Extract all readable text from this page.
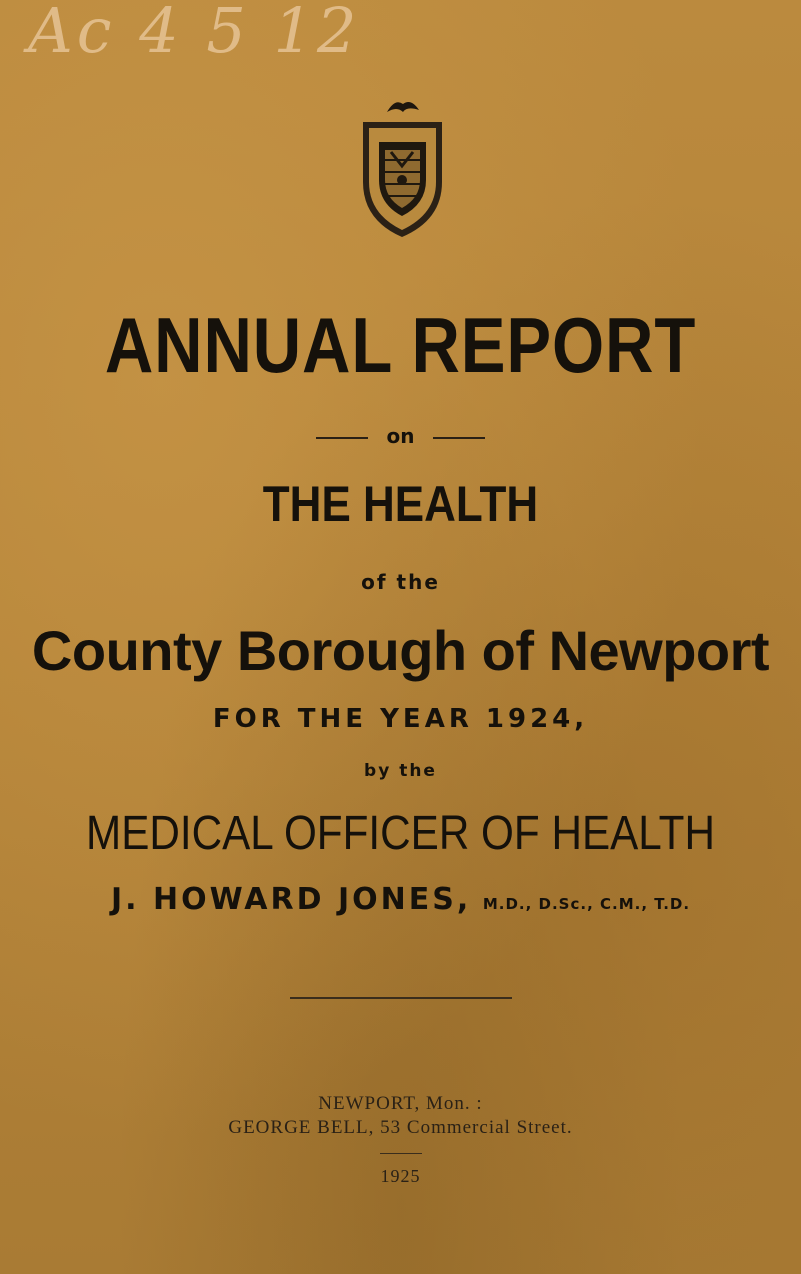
Ac 4 5 12
ANNUAL REPORT
on
THE HEALTH
of the
County Borough of Newport
FOR THE YEAR 1924,
by the
MEDICAL OFFICER OF HEALTH
J. HOWARD JONES, M.D., D.Sc., C.M., T.D.
NEWPORT, Mon. :
GEORGE BELL, 53 Commercial Street.
1925
